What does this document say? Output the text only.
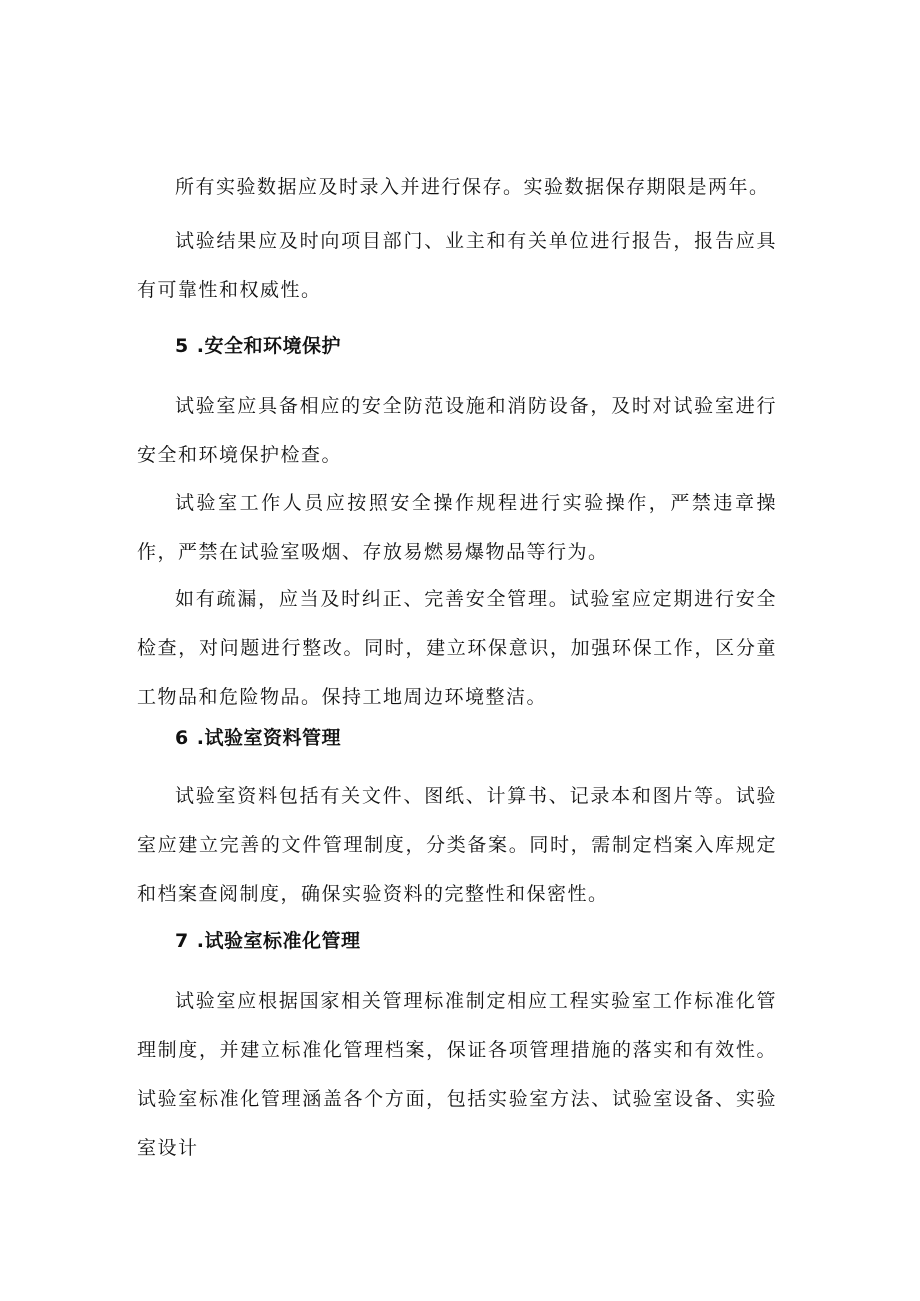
所有实验数据应及时录入并进行保存。实验数据保存期限是两年。

试验结果应及时向项目部门、业主和有关单位进行报告，报告应具有可靠性和权威性。

5 .安全和环境保护

试验室应具备相应的安全防范设施和消防设备，及时对试验室进行安全和环境保护检查。

试验室工作人员应按照安全操作规程进行实验操作，严禁违章操作，严禁在试验室吸烟、存放易燃易爆物品等行为。

如有疏漏，应当及时纠正、完善安全管理。试验室应定期进行安全检查，对问题进行整改。同时，建立环保意识，加强环保工作，区分童工物品和危险物品。保持工地周边环境整洁。

6 .试验室资料管理

试验室资料包括有关文件、图纸、计算书、记录本和图片等。试验室应建立完善的文件管理制度，分类备案。同时，需制定档案入库规定和档案查阅制度，确保实验资料的完整性和保密性。

7 .试验室标准化管理

试验室应根据国家相关管理标准制定相应工程实验室工作标准化管理制度，并建立标准化管理档案，保证各项管理措施的落实和有效性。试验室标准化管理涵盖各个方面，包括实验室方法、试验室设备、实验室设计
